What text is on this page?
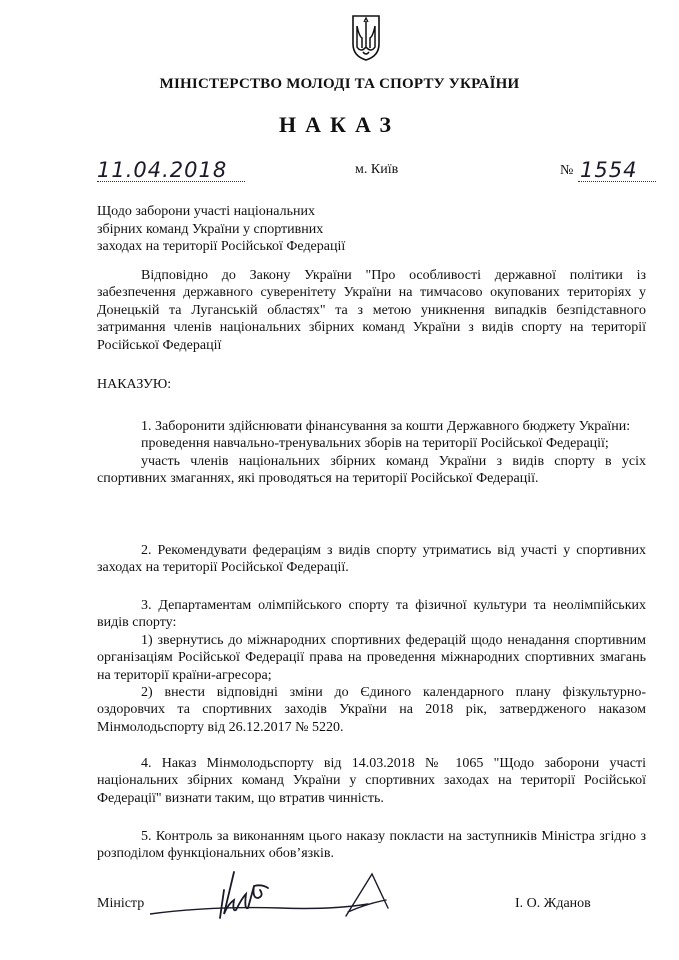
МІНІСТЕРСТВО МОЛОДІ ТА СПОРТУ УКРАЇНИ
НАКАЗ
11.04.2018	м. Київ	№ 1554
Щодо заборони участі національних
збірних команд України у спортивних
заходах на території Російської Федерації

Відповідно до Закону України "Про особливості державної політики із забезпечення державного суверенітету України на тимчасово окупованих територіях у Донецькій та Луганській областях" та з метою уникнення випадків безпідставного затримання членів національних збірних команд України з видів спорту на території Російської Федерації

НАКАЗУЮ:

1. Заборонити здійснювати фінансування за кошти Державного бюджету України:

проведення навчально-тренувальних зборів на території Російської Федерації;

участь членів національних збірних команд України з видів спорту в усіх спортивних змаганнях, які проводяться на території Російської Федерації.

2. Рекомендувати федераціям з видів спорту утриматись від участі у спортивних заходах на території Російської Федерації.

3. Департаментам олімпійського спорту та фізичної культури та неолімпійських видів спорту:

1) звернутись до міжнародних спортивних федерацій щодо ненадання спортивним організаціям Російської Федерації права на проведення міжнародних спортивних змагань на території країни-агресора;

2) внести відповідні зміни до Єдиного календарного плану фізкультурно-оздоровчих та спортивних заходів України на 2018 рік, затвердженого наказом Мінмолодьспорту від 26.12.2017 № 5220.

4. Наказ Мінмолодьспорту від 14.03.2018 № 1065 "Щодо заборони участі національних збірних команд України у спортивних заходах на території Російської Федерації" визнати таким, що втратив чинність.

5. Контроль за виконанням цього наказу покласти на заступників Міністра згідно з розподілом функціональних обов’язків.

Міністр	І. О. Жданов
